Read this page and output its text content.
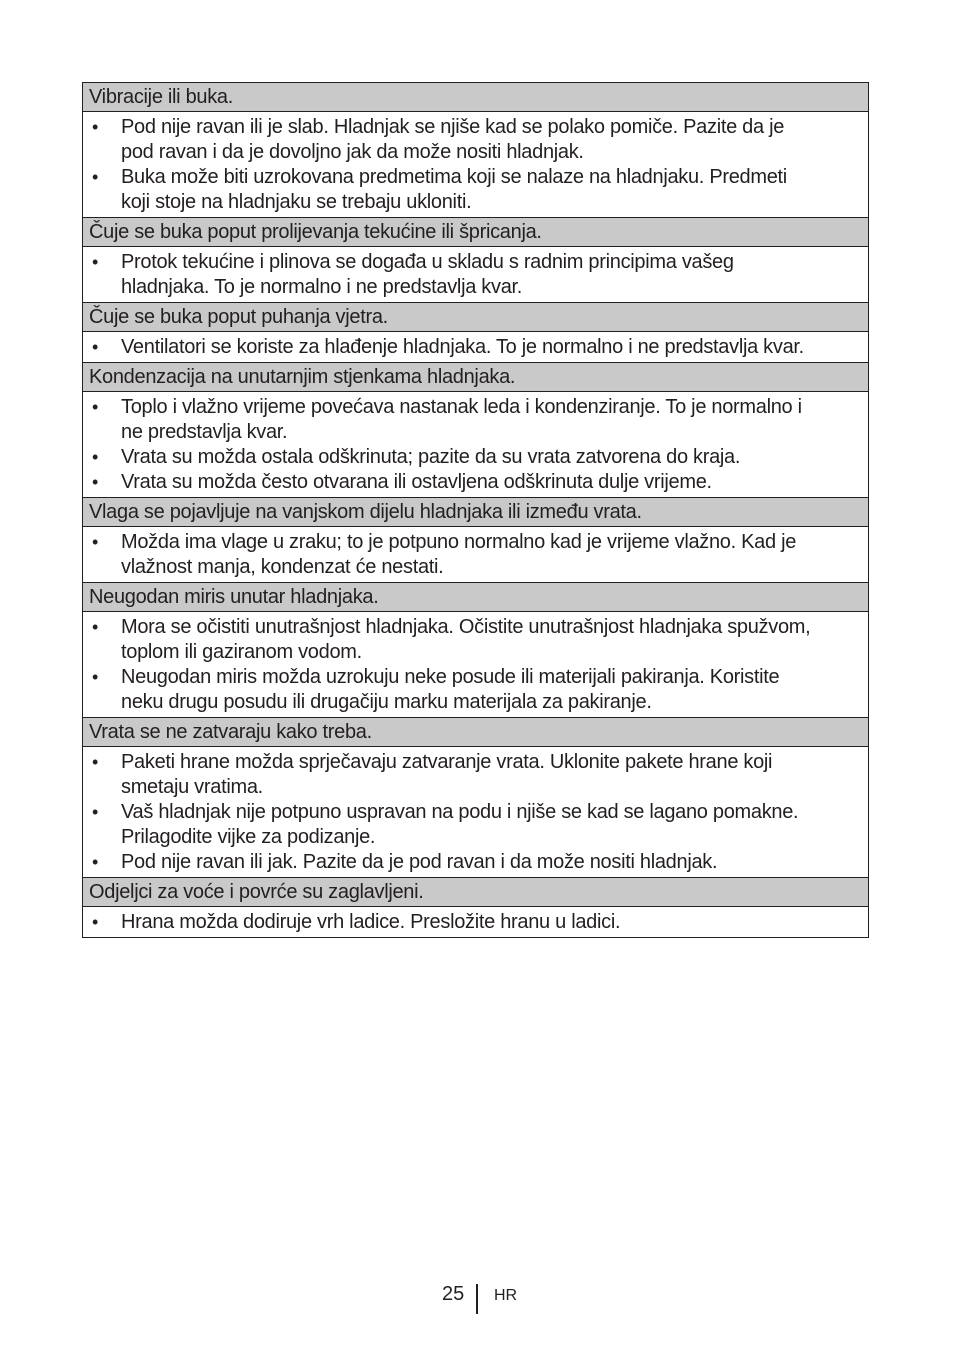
Vibracije ili buka.
• Pod nije ravan ili je slab. Hladnjak se njiše kad se polako pomiče. Pazite da je
pod ravan i da je dovoljno jak da može nositi hladnjak.
• Buka može biti uzrokovana predmetima koji se nalaze na hladnjaku. Predmeti
koji stoje na hladnjaku se trebaju ukloniti.
Čuje se buka poput prolijevanja tekućine ili špricanja.
• Protok tekućine i plinova se događa u skladu s radnim principima vašeg
hladnjaka. To je normalno i ne predstavlja kvar.
Čuje se buka poput puhanja vjetra.
• Ventilatori se koriste za hlađenje hladnjaka. To je normalno i ne predstavlja kvar.
Kondenzacija na unutarnjim stjenkama hladnjaka.
• Toplo i vlažno vrijeme povećava nastanak leda i kondenziranje. To je normalno i
ne predstavlja kvar.
• Vrata su možda ostala odškrinuta; pazite da su vrata zatvorena do kraja.
• Vrata su možda često otvarana ili ostavljena odškrinuta dulje vrijeme.
Vlaga se pojavljuje na vanjskom dijelu hladnjaka ili između vrata.
• Možda ima vlage u zraku; to je potpuno normalno kad je vrijeme vlažno. Kad je
vlažnost manja, kondenzat će nestati.
Neugodan miris unutar hladnjaka.
• Mora se očistiti unutrašnjost hladnjaka. Očistite unutrašnjost hladnjaka spužvom,
toplom ili gaziranom vodom.
• Neugodan miris možda uzrokuju neke posude ili materijali pakiranja. Koristite
neku drugu posudu ili drugačiju marku materijala za pakiranje.
Vrata se ne zatvaraju kako treba.
• Paketi hrane možda sprječavaju zatvaranje vrata. Uklonite pakete hrane koji
smetaju vratima.
• Vaš hladnjak nije potpuno uspravan na podu i njiše se kad se lagano pomakne.
Prilagodite vijke za podizanje.
• Pod nije ravan ili jak. Pazite da je pod ravan i da može nositi hladnjak.
Odjeljci za voće i povrće su zaglavljeni.
• Hrana možda dodiruje vrh ladice. Presložite hranu u ladici.
25 HR
